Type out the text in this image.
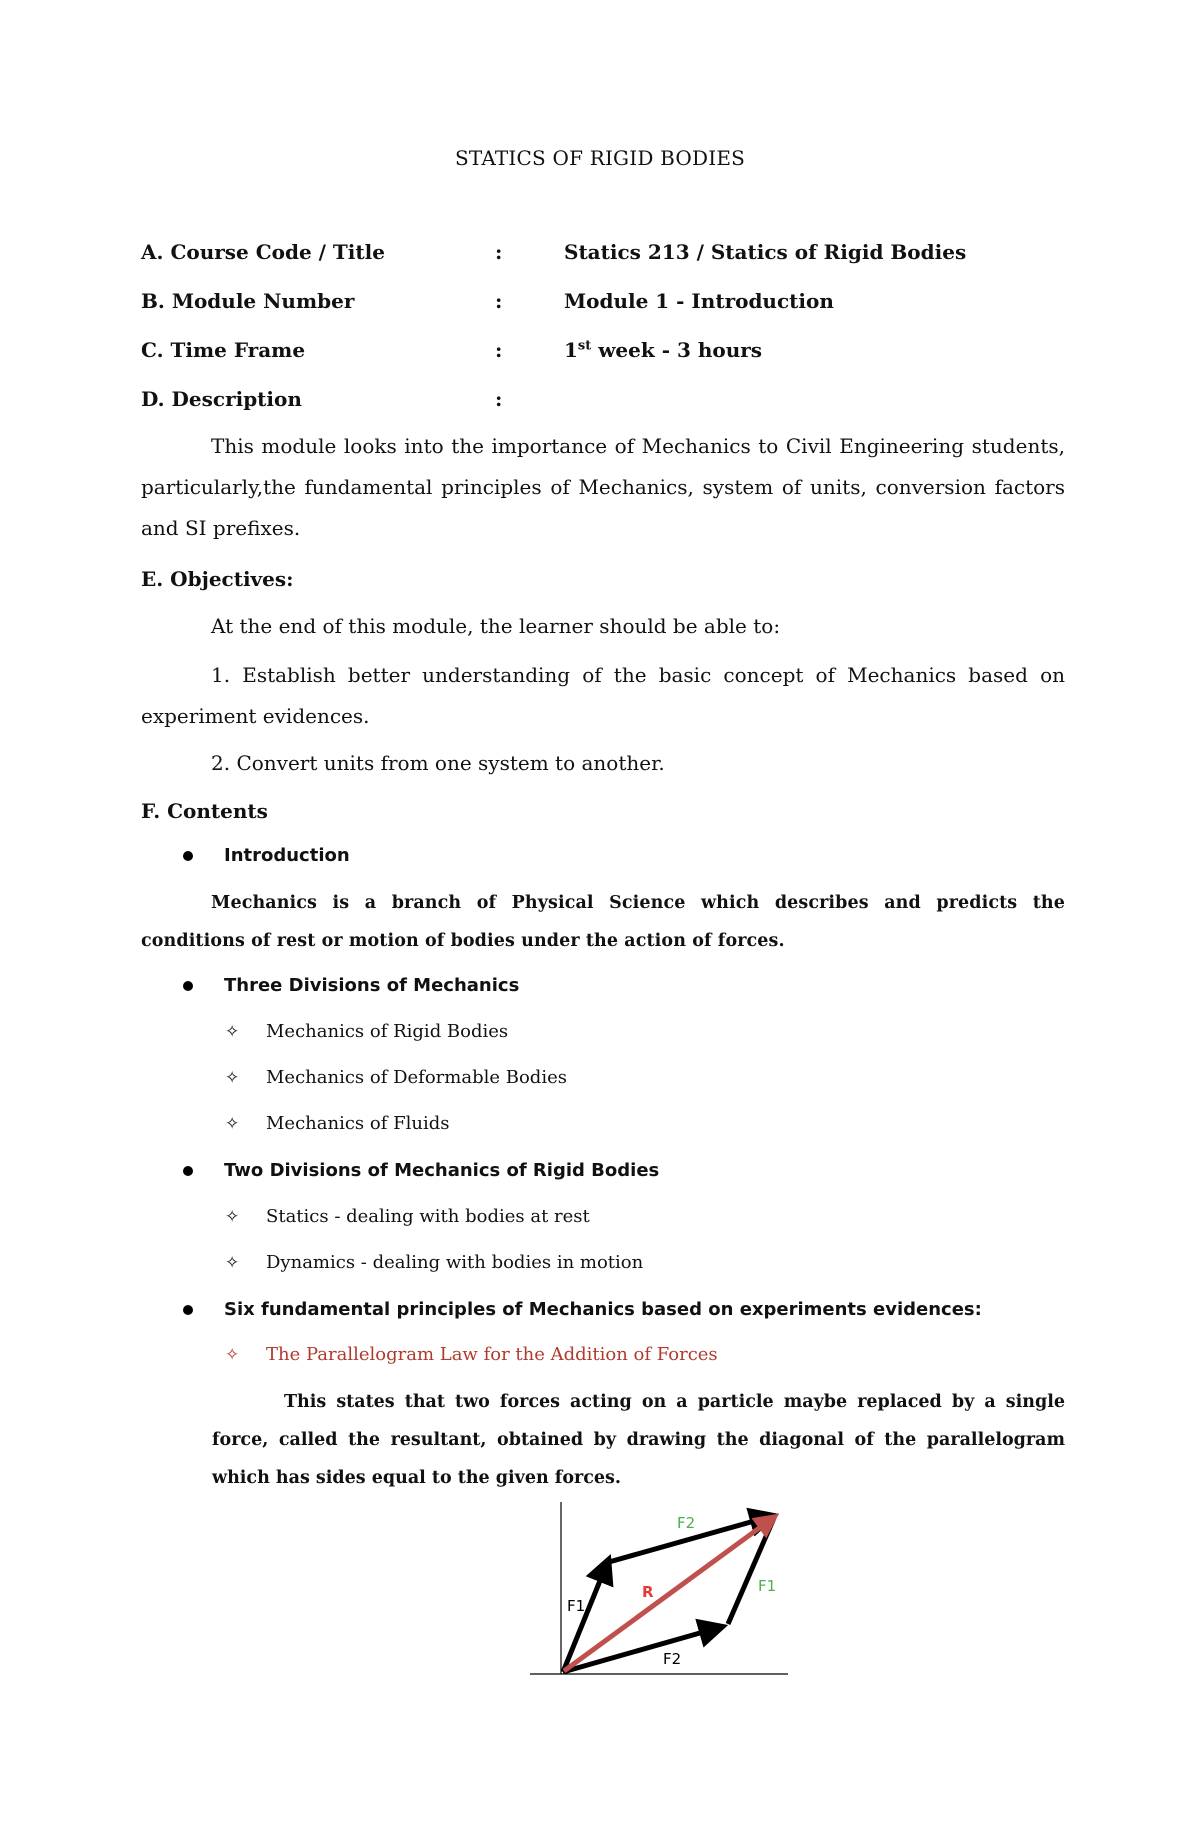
STATICS OF RIGID BODIES
A. Course Code / Title	:	Statics 213 / Statics of Rigid Bodies
B. Module Number	:	Module 1 - Introduction
C. Time Frame	:	1st week - 3 hours
D. Description	:

This module looks into the importance of Mechanics to Civil Engineering students, particularly,the fundamental principles of Mechanics, system of units, conversion factors and SI prefixes.

E. Objectives:
At the end of this module, the learner should be able to:

1. Establish better understanding of the basic concept of Mechanics based on experiment evidences.

2. Convert units from one system to another.
F. Contents
Introduction

Mechanics is a branch of Physical Science which describes and predicts the conditions of rest or motion of bodies under the action of forces.

Three Divisions of Mechanics
✧ Mechanics of Rigid Bodies
✧ Mechanics of Deformable Bodies
✧ Mechanics of Fluids
Two Divisions of Mechanics of Rigid Bodies
✧ Statics - dealing with bodies at rest
✧ Dynamics - dealing with bodies in motion
Six fundamental principles of Mechanics based on experiments evidences:
✧ The Parallelogram Law for the Addition of Forces

This states that two forces acting on a particle maybe replaced by a single force, called the resultant, obtained by drawing the diagonal of the parallelogram which has sides equal to the given forces.

F2
F1
F1
R
F2
